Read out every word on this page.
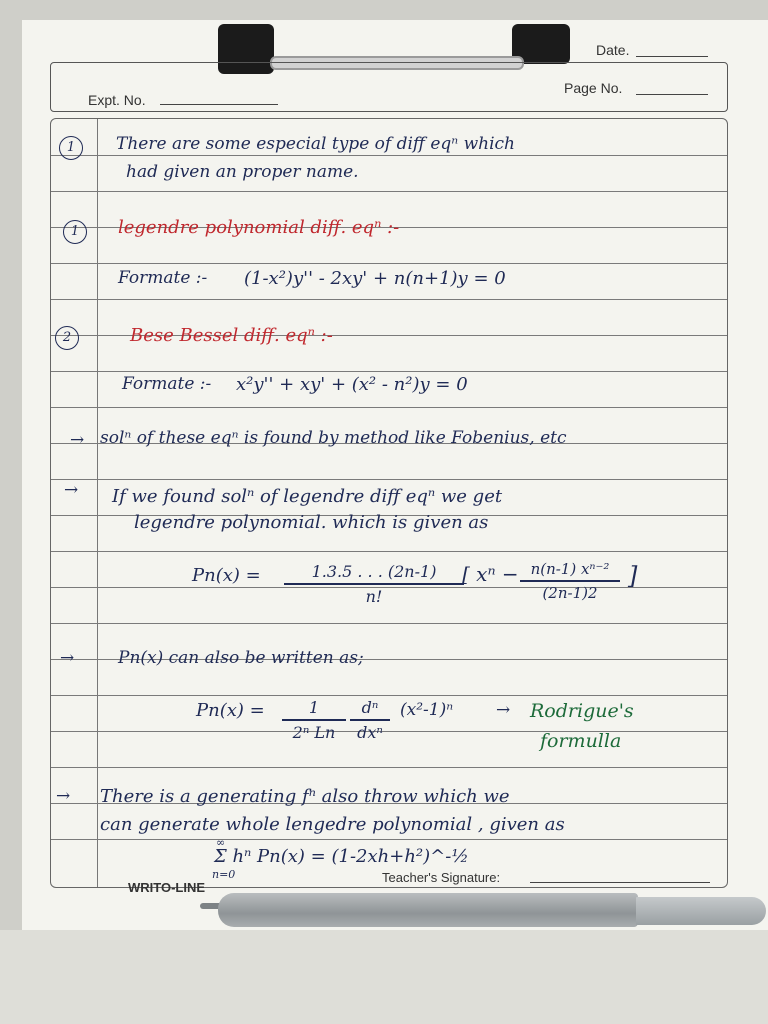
Date.
Page No.
Expt. No.
1	There are some especial type of diff eqⁿ which
had given an proper name.
1	legendre polynomial diff. eqⁿ :-
Formate :- (1-x²)y'' - 2xy' + n(n+1)y = 0
2	Bese Bessel diff. eqⁿ :-
Formate :- x²y'' + xy' + (x² - n²)y = 0
→ solⁿ of these eqⁿ is found by method like Fobenius, etc
→ If we found solⁿ of legendre diff eqⁿ we get
legendre polynomial. which is given as
Pn(x) =	1.3.5 . . . (2n-1)
n!
[ xⁿ − n(n-1) xⁿ⁻²
(2n-1)2
]
→	Pn(x) can also be written as;
Pn(x) =	1
2ⁿ Ln
dⁿ
dxⁿ
(x²-1)ⁿ	→ Rodrigue's
formulla
→ There is a generating fⁿ also throw which we
can generate whole lengedre polynomial , given as
∞
Σ hⁿ Pn(x) = (1-2xh+h²)^-½
n=0
WRITO-LINE
Teacher's Signature:
